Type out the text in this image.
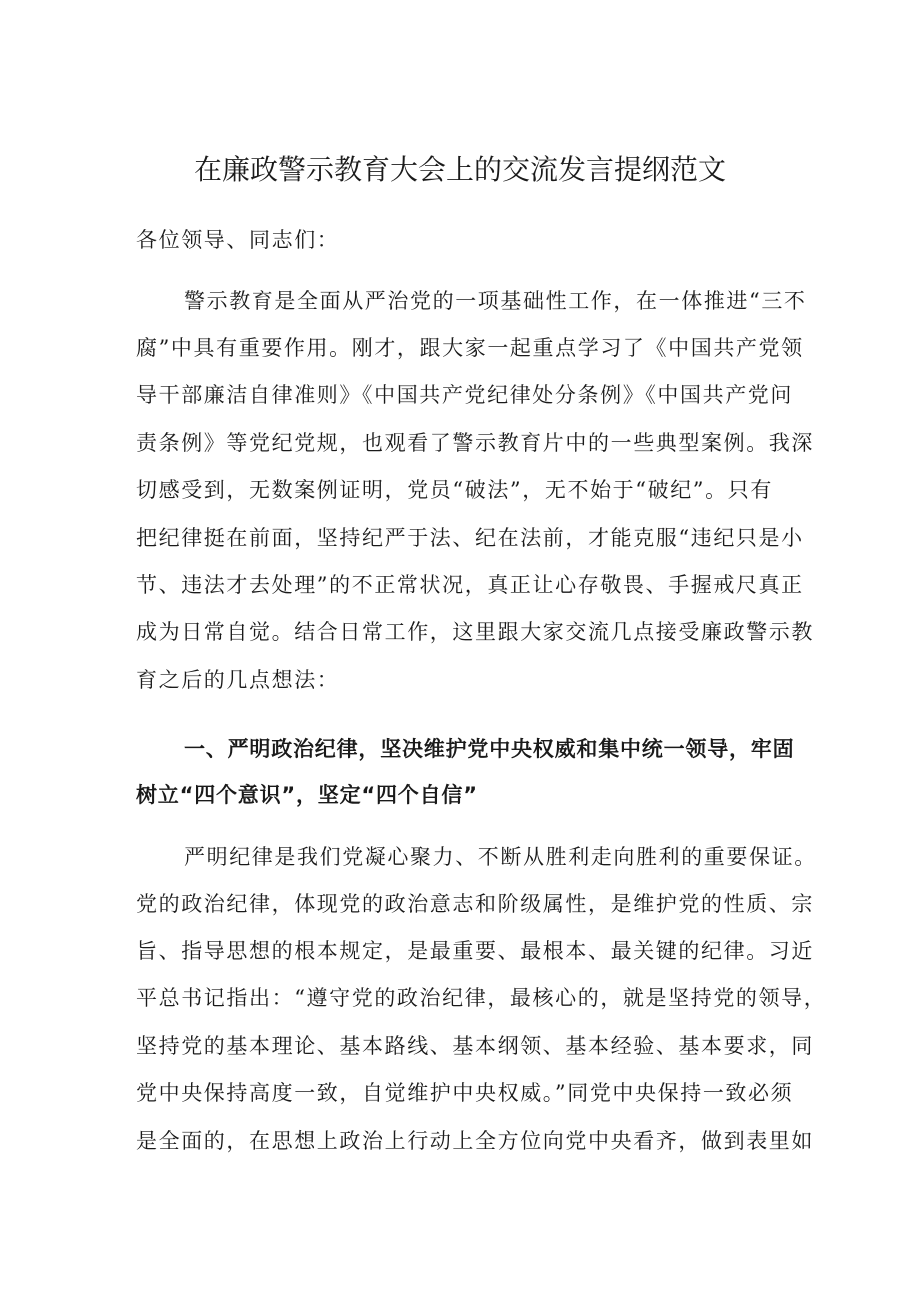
在廉政警示教育大会上的交流发言提纲范文
各位领导、同志们：
警示教育是全面从严治党的一项基础性工作，在一体推进“三不
腐”中具有重要作用。刚才，跟大家一起重点学习了《中国共产党领
导干部廉洁自律准则》《中国共产党纪律处分条例》《中国共产党问
责条例》等党纪党规，也观看了警示教育片中的一些典型案例。我深
切感受到，无数案例证明，党员“破法”，无不始于“破纪”。只有
把纪律挺在前面，坚持纪严于法、纪在法前，才能克服“违纪只是小
节、违法才去处理”的不正常状况，真正让心存敬畏、手握戒尺真正
成为日常自觉。结合日常工作，这里跟大家交流几点接受廉政警示教
育之后的几点想法：
一、严明政治纪律，坚决维护党中央权威和集中统一领导，牢固
树立“四个意识”，坚定“四个自信”
严明纪律是我们党凝心聚力、不断从胜利走向胜利的重要保证。
党的政治纪律，体现党的政治意志和阶级属性，是维护党的性质、宗
旨、指导思想的根本规定，是最重要、最根本、最关键的纪律。习近
平总书记指出：“遵守党的政治纪律，最核心的，就是坚持党的领导，
坚持党的基本理论、基本路线、基本纲领、基本经验、基本要求，同
党中央保持高度一致，自觉维护中央权威。”同党中央保持一致必须
是全面的，在思想上政治上行动上全方位向党中央看齐，做到表里如
